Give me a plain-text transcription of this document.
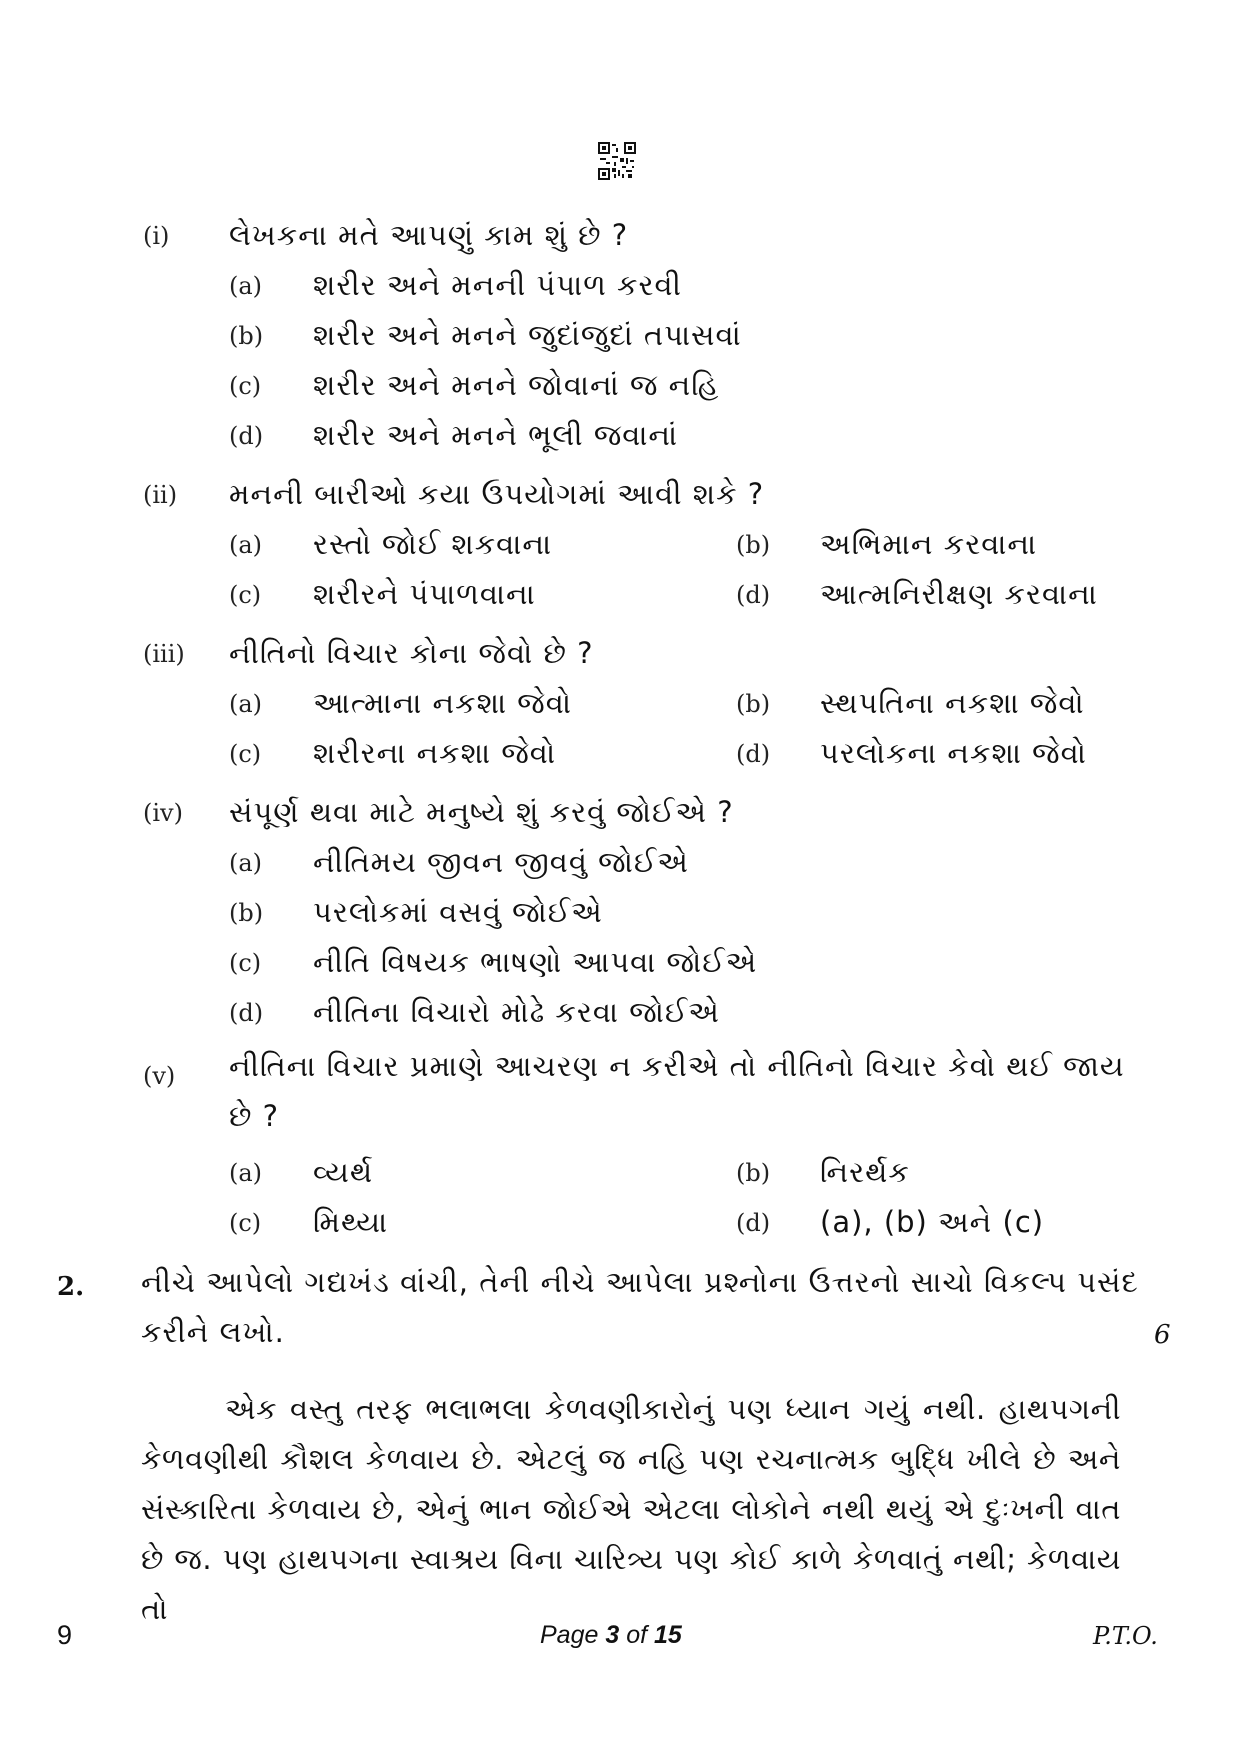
(i) લેખકના મતે આપણું કામ શું છે ?
(a) શરીર અને મનની પંપાળ કરવી
(b) શરીર અને મનને જુદાંજુદાં તપાસવાં
(c) શરીર અને મનને જોવાનાં જ નહિ
(d) શરીર અને મનને ભૂલી જવાનાં
(ii) મનની બારીઓ કયા ઉપયોગમાં આવી શકે ?
(a) રસ્તો જોઈ શકવાના	(b) અભિમાન કરવાના
(c) શરીરને પંપાળવાના	(d) આત્મનિરીક્ષણ કરવાના
(iii) નીતિનો વિચાર કોના જેવો છે ?
(a) આત્માના નકશા જેવો	(b) સ્થપતિના નકશા જેવો
(c) શરીરના નકશા જેવો	(d) પરલોકના નકશા જેવો
(iv) સંપૂર્ણ થવા માટે મનુષ્યે શું કરવું જોઈએ ?
(a) નીતિમય જીવન જીવવું જોઈએ
(b) પરલોકમાં વસવું જોઈએ
(c) નીતિ વિષયક ભાષણો આપવા જોઈએ
(d) નીતિના વિચારો મોઢે કરવા જોઈએ
(v) નીતિના વિચાર પ્રમાણે આચરણ ન કરીએ તો નીતિનો વિચાર કેવો થઈ જાય
છે ?
(a) વ્યર્થ	(b) નિરર્થક
(c) મિથ્યા	(d) (a), (b) અને (c)
2. નીચે આપેલો ગદ્યખંડ વાંચી, તેની નીચે આપેલા પ્રશ્નોના ઉત્તરનો સાચો વિકલ્પ પસંદ
કરીને લખો.	6
એક વસ્તુ તરફ ભલાભલા કેળવણીકારોનું પણ ધ્યાન ગયું નથી. હાથપગની કેળવણીથી કૌશલ કેળવાય છે. એટલું જ નહિ પણ રચનાત્મક બુદ્ધિ ખીલે છે અને સંસ્કારિતા કેળવાય છે, એનું ભાન જોઈએ એટલા લોકોને નથી થયું એ દુઃખની વાત છે જ. પણ હાથપગના સ્વાશ્રય વિના ચારિત્ર્ય પણ કોઈ કાળે કેળવાતું નથી; કેળવાય તો
9	Page 3 of 15	P.T.O.
